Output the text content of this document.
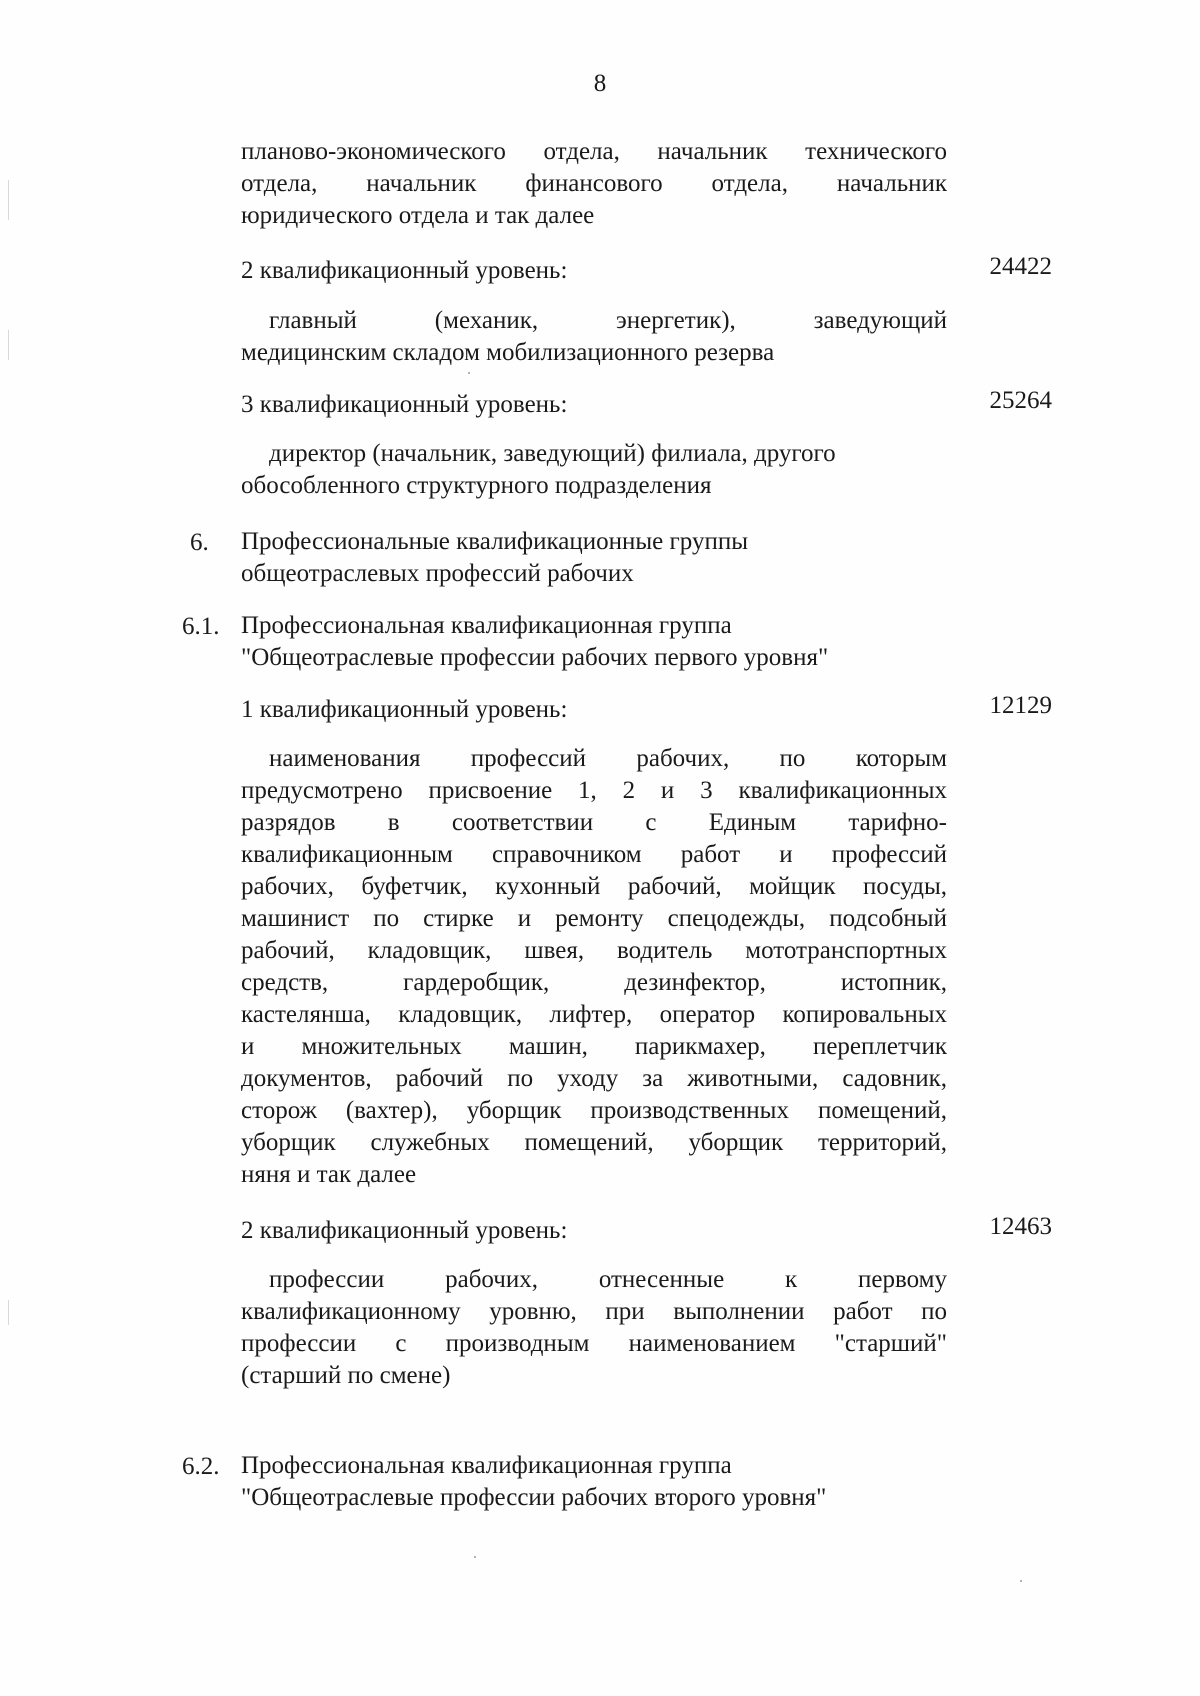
8
планово-экономического отдела, начальник технического
отдела, начальник финансового отдела, начальник
юридического отдела и так далее
2 квалификационный уровень:	24422
главный (механик, энергетик), заведующий
медицинским складом мобилизационного резерва
3 квалификационный уровень:	25264
директор (начальник, заведующий) филиала, другого
обособленного структурного подразделения
6. Профессиональные квалификационные группы
общеотраслевых профессий рабочих
6.1. Профессиональная квалификационная группа
"Общеотраслевые профессии рабочих первого уровня"
1 квалификационный уровень:	12129
наименования профессий рабочих, по которым
предусмотрено присвоение 1, 2 и 3 квалификационных
разрядов в соответствии с Единым тарифно-
квалификационным справочником работ и профессий
рабочих, буфетчик, кухонный рабочий, мойщик посуды,
машинист по стирке и ремонту спецодежды, подсобный
рабочий, кладовщик, швея, водитель мототранспортных
средств, гардеробщик, дезинфектор, истопник,
кастелянша, кладовщик, лифтер, оператор копировальных
и множительных машин, парикмахер, переплетчик
документов, рабочий по уходу за животными, садовник,
сторож (вахтер), уборщик производственных помещений,
уборщик служебных помещений, уборщик территорий,
няня и так далее
2 квалификационный уровень:	12463
профессии рабочих, отнесенные к первому
квалификационному уровню, при выполнении работ по
профессии с производным наименованием "старший"
(старший по смене)
6.2. Профессиональная квалификационная группа
"Общеотраслевые профессии рабочих второго уровня"
